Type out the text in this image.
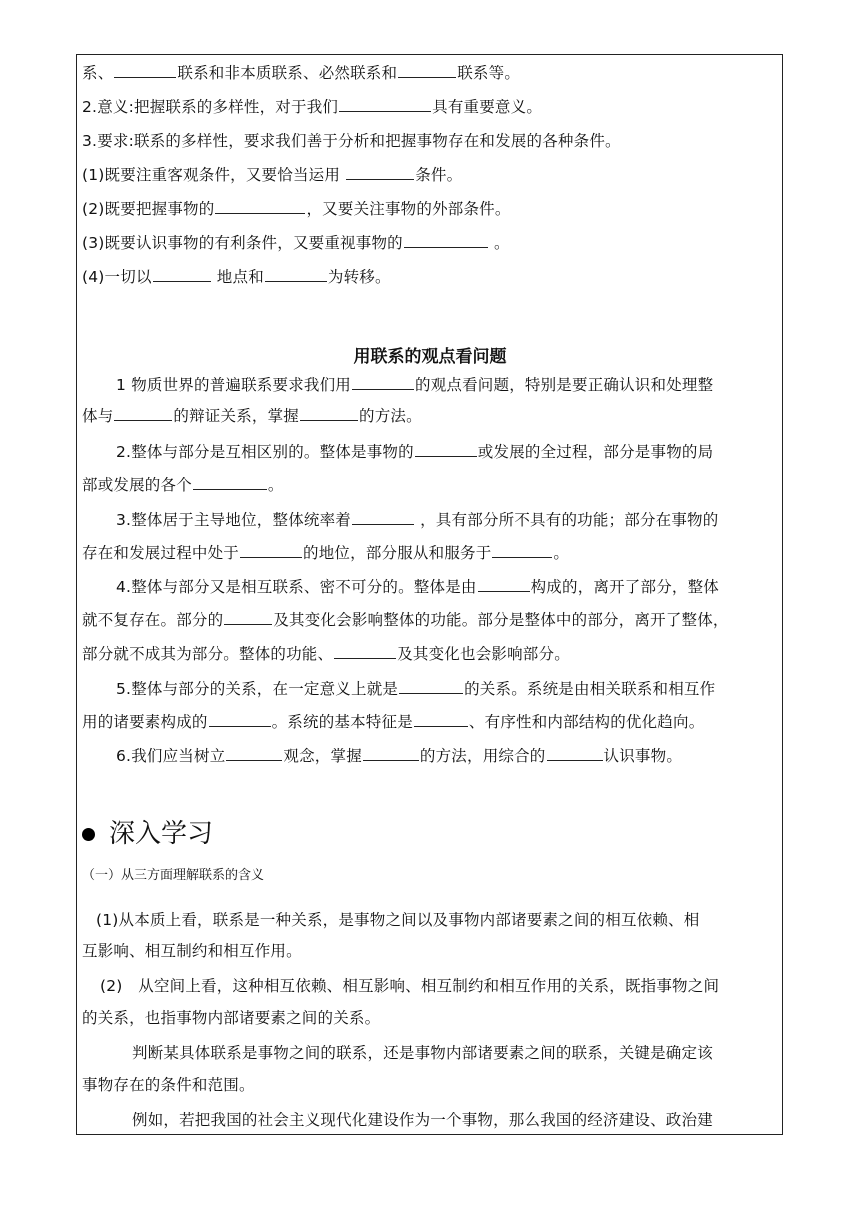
系、	联系和非本质联系、必然联系和	联系等。
2.意义:把握联系的多样性，对于我们	具有重要意义。
3.要求:联系的多样性，要求我们善于分析和把握事物存在和发展的各种条件。
(1)既要注重客观条件，又要恰当运用	条件。
(2)既要把握事物的	，又要关注事物的外部条件。
(3)既要认识事物的有利条件，又要重视事物的	。
(4)一切以	地点和	为转移。
用联系的观点看问题
1 物质世界的普遍联系要求我们用	的观点看问题，特别是要正确认识和处理整
体与	的辩证关系，掌握	的方法。
2.整体与部分是互相区别的。整体是事物的	或发展的全过程，部分是事物的局
部或发展的各个	。
3.整体居于主导地位，整体统率着	，具有部分所不具有的功能；部分在事物的
存在和发展过程中处于	的地位，部分服从和服务于	。
4.整体与部分又是相互联系、密不可分的。整体是由	构成的，离开了部分，整体
就不复存在。部分的	及其变化会影响整体的功能。部分是整体中的部分，离开了整体，
部分就不成其为部分。整体的功能、	及其变化也会影响部分。
5.整体与部分的关系，在一定意义上就是	的关系。系统是由相关联系和相互作
用的诸要素构成的	。系统的基本特征是	、有序性和内部结构的优化趋向。
6.我们应当树立	观念，掌握	的方法，用综合的	认识事物。
深入学习
（一）从三方面理解联系的含义
(1)从本质上看，联系是一种关系，是事物之间以及事物内部诸要素之间的相互依赖、相
互影响、相互制约和相互作用。
(2)　从空间上看，这种相互依赖、相互影响、相互制约和相互作用的关系，既指事物之间
的关系，也指事物内部诸要素之间的关系。
判断某具体联系是事物之间的联系，还是事物内部诸要素之间的联系，关键是确定该
事物存在的条件和范围。
例如，若把我国的社会主义现代化建设作为一个事物，那么我国的经济建设、政治建
